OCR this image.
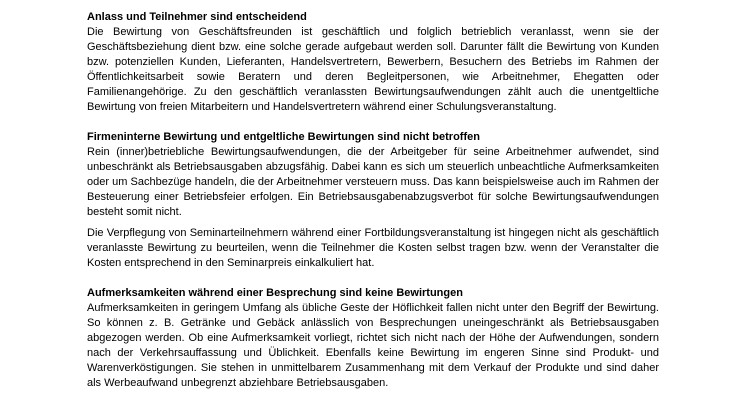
Anlass und Teilnehmer sind entscheidend

Die Bewirtung von Geschäftsfreunden ist geschäftlich und folglich betrieblich veranlasst, wenn sie der Geschäftsbeziehung dient bzw. eine solche gerade aufgebaut werden soll. Darunter fällt die Bewirtung von Kunden bzw. potenziellen Kunden, Lieferanten, Handelsvertretern, Bewerbern, Besuchern des Betriebs im Rahmen der Öffentlichkeitsarbeit sowie Beratern und deren Begleitpersonen, wie Arbeitnehmer, Ehegatten oder Familienangehörige. Zu den geschäftlich veranlassten Bewirtungsaufwendungen zählt auch die unentgeltliche Bewirtung von freien Mitarbeitern und Handelsvertretern während einer Schulungsveranstaltung.

Firmeninterne Bewirtung und entgeltliche Bewirtungen sind nicht betroffen

Rein (inner)betriebliche Bewirtungsaufwendungen, die der Arbeitgeber für seine Arbeitnehmer aufwendet, sind unbeschränkt als Betriebsausgaben abzugsfähig. Dabei kann es sich um steuerlich unbeachtliche Aufmerksamkeiten oder um Sachbezüge handeln, die der Arbeitnehmer versteuern muss. Das kann beispielsweise auch im Rahmen der Besteuerung einer Betriebsfeier erfolgen. Ein Betriebsausgabenabzugsverbot für solche Bewirtungsaufwendungen besteht somit nicht.

Die Verpflegung von Seminarteilnehmern während einer Fortbildungsveranstaltung ist hingegen nicht als geschäftlich veranlasste Bewirtung zu beurteilen, wenn die Teilnehmer die Kosten selbst tragen bzw. wenn der Veranstalter die Kosten entsprechend in den Seminarpreis einkalkuliert hat.

Aufmerksamkeiten während einer Besprechung sind keine Bewirtungen

Aufmerksamkeiten in geringem Umfang als übliche Geste der Höflichkeit fallen nicht unter den Begriff der Bewirtung. So können z. B. Getränke und Gebäck anlässlich von Besprechungen uneingeschränkt als Betriebsausgaben abgezogen werden. Ob eine Aufmerksamkeit vorliegt, richtet sich nicht nach der Höhe der Aufwendungen, sondern nach der Verkehrsauffassung und Üblichkeit. Ebenfalls keine Bewirtung im engeren Sinne sind Produkt- und Warenverköstigungen. Sie stehen in unmittelbarem Zusammenhang mit dem Verkauf der Produkte und sind daher als Werbeaufwand unbegrenzt abziehbare Betriebsausgaben.
